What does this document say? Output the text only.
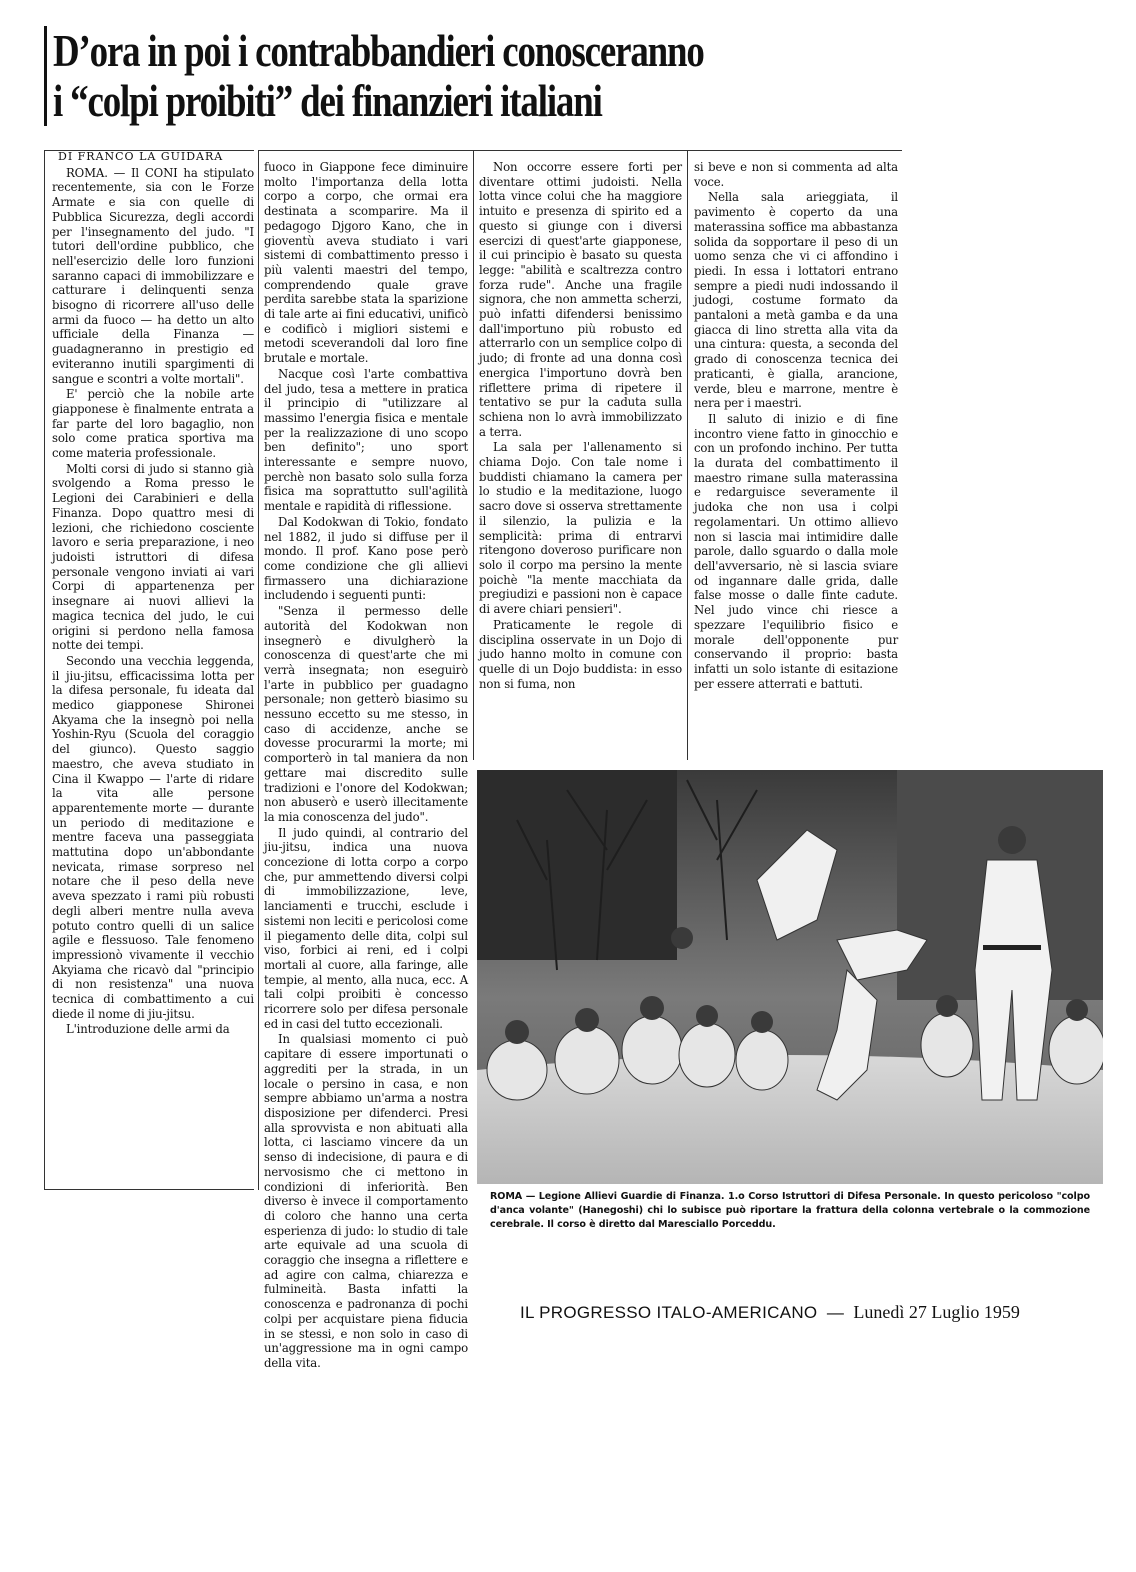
D’ora in poi i contrabbandieri conosceranno
i “colpi proibiti” dei finanzieri italiani

DI FRANCO LA GUIDARA

ROMA. — Il CONI ha stipulato recentemente, sia con le Forze Armate e sia con quelle di Pubblica Sicurezza, degli accordi per l'insegnamento del judo. "I tutori dell'ordine pubblico, che nell'esercizio delle loro funzioni saranno capaci di immobilizzare e catturare i delinquenti senza bisogno di ricorrere all'uso delle armi da fuoco — ha detto un alto ufficiale della Finanza — guadagneranno in prestigio ed eviteranno inutili spargimenti di sangue e scontri a volte mortali".

E' perciò che la nobile arte giapponese è finalmente entrata a far parte del loro bagaglio, non solo come pratica sportiva ma come materia professionale.

Molti corsi di judo si stanno già svolgendo a Roma presso le Legioni dei Carabinieri e della Finanza. Dopo quattro mesi di lezioni, che richiedono cosciente lavoro e seria preparazione, i neo judoisti istruttori di difesa personale vengono inviati ai vari Corpi di appartenenza per insegnare ai nuovi allievi la magica tecnica del judo, le cui origini si perdono nella famosa notte dei tempi.

Secondo una vecchia leggenda, il jiu-jitsu, efficacissima lotta per la difesa personale, fu ideata dal medico giapponese Shironei Akyama che la insegnò poi nella Yoshin-Ryu (Scuola del coraggio del giunco). Questo saggio maestro, che aveva studiato in Cina il Kwappo — l'arte di ridare la vita alle persone apparentemente morte — durante un periodo di meditazione e mentre faceva una passeggiata mattutina dopo un'abbondante nevicata, rimase sorpreso nel notare che il peso della neve aveva spezzato i rami più robusti degli alberi mentre nulla aveva potuto contro quelli di un salice agile e flessuoso. Tale fenomeno impressionò vivamente il vecchio Akyiama che ricavò dal "principio di non resistenza" una nuova tecnica di combattimento a cui diede il nome di jiu-jitsu.

L'introduzione delle armi da

fuoco in Giappone fece diminuire molto l'importanza della lotta corpo a corpo, che ormai era destinata a scomparire. Ma il pedagogo Djgoro Kano, che in gioventù aveva studiato i vari sistemi di combattimento presso i più valenti maestri del tempo, comprendendo quale grave perdita sarebbe stata la sparizione di tale arte ai fini educativi, unificò e codificò i migliori sistemi e metodi sceverandoli dal loro fine brutale e mortale.

Nacque così l'arte combattiva del judo, tesa a mettere in pratica il principio di "utilizzare al massimo l'energia fisica e mentale per la realizzazione di uno scopo ben definito"; uno sport interessante e sempre nuovo, perchè non basato solo sulla forza fisica ma soprattutto sull'agilità mentale e rapidità di riflessione.

Dal Kodokwan di Tokio, fondato nel 1882, il judo si diffuse per il mondo. Il prof. Kano pose però come condizione che gli allievi firmassero una dichiarazione includendo i seguenti punti:

"Senza il permesso delle autorità del Kodokwan non insegnerò e divulgherò la conoscenza di quest'arte che mi verrà insegnata; non eseguirò l'arte in pubblico per guadagno personale; non getterò biasimo su nessuno eccetto su me stesso, in caso di accidenze, anche se dovesse procurarmi la morte; mi comporterò in tal maniera da non gettare mai discredito sulle tradizioni e l'onore del Kodokwan; non abuserò e userò illecitamente la mia conoscenza del judo".

Il judo quindi, al contrario del jiu-jitsu, indica una nuova concezione di lotta corpo a corpo che, pur ammettendo diversi colpi di immobilizzazione, leve, lanciamenti e trucchi, esclude i sistemi non leciti e pericolosi come il piegamento delle dita, colpi sul viso, forbici ai reni, ed i colpi mortali al cuore, alla faringe, alle tempie, al mento, alla nuca, ecc. A tali colpi proibiti è concesso ricorrere solo per difesa personale ed in casi del tutto eccezionali.

In qualsiasi momento ci può capitare di essere importunati o aggrediti per la strada, in un locale o persino in casa, e non sempre abbiamo un'arma a nostra disposizione per difenderci. Presi alla sprovvista e non abituati alla lotta, ci lasciamo vincere da un senso di indecisione, di paura e di nervosismo che ci mettono in condizioni di inferiorità. Ben diverso è invece il comportamento di coloro che hanno una certa esperienza di judo: lo studio di tale arte equivale ad una scuola di coraggio che insegna a riflettere e ad agire con calma, chiarezza e fulmineità. Basta infatti la conoscenza e padronanza di pochi colpi per acquistare piena fiducia in se stessi, e non solo in caso di un'aggressione ma in ogni campo della vita.

Non occorre essere forti per diventare ottimi judoisti. Nella lotta vince colui che ha maggiore intuito e presenza di spirito ed a questo si giunge con i diversi esercizi di quest'arte giapponese, il cui principio è basato su questa legge: "abilità e scaltrezza contro forza rude". Anche una fragile signora, che non ammetta scherzi, può infatti difendersi benissimo dall'importuno più robusto ed atterrarlo con un semplice colpo di judo; di fronte ad una donna così energica l'importuno dovrà ben riflettere prima di ripetere il tentativo se pur la caduta sulla schiena non lo avrà immobilizzato a terra.

La sala per l'allenamento si chiama Dojo. Con tale nome i buddisti chiamano la camera per lo studio e la meditazione, luogo sacro dove si osserva strettamente il silenzio, la pulizia e la semplicità: prima di entrarvi ritengono doveroso purificare non solo il corpo ma persino la mente poichè "la mente macchiata da pregiudizi e passioni non è capace di avere chiari pensieri".

Praticamente le regole di disciplina osservate in un Dojo di judo hanno molto in comune con quelle di un Dojo buddista: in esso non si fuma, non

si beve e non si commenta ad alta voce.

Nella sala arieggiata, il pavimento è coperto da una materassina soffice ma abbastanza solida da sopportare il peso di un uomo senza che vi ci affondino i piedi. In essa i lottatori entrano sempre a piedi nudi indossando il judogi, costume formato da pantaloni a metà gamba e da una giacca di lino stretta alla vita da una cintura: questa, a seconda del grado di conoscenza tecnica dei praticanti, è gialla, arancione, verde, bleu e marrone, mentre è nera per i maestri.

Il saluto di inizio e di fine incontro viene fatto in ginocchio e con un profondo inchino. Per tutta la durata del combattimento il maestro rimane sulla materassina e redarguisce severamente il judoka che non usa i colpi regolamentari. Un ottimo allievo non si lascia mai intimidire dalle parole, dallo sguardo o dalla mole dell'avversario, nè si lascia sviare od ingannare dalle grida, dalle false mosse o dalle finte cadute. Nel judo vince chi riesce a spezzare l'equilibrio fisico e morale dell'opponente pur conservando il proprio: basta infatti un solo istante di esitazione per essere atterrati e battuti.

ROMA — Legione Allievi Guardie di Finanza. 1.o Corso Istruttori di Difesa Personale. In questo pericoloso "colpo d'anca volante" (Hanegoshi) chi lo subisce può riportare la frattura della colonna vertebrale o la commozione cerebrale. Il corso è diretto dal Maresciallo Porceddu.
IL PROGRESSO ITALO-AMERICANO — Lunedì 27 Luglio 1959
